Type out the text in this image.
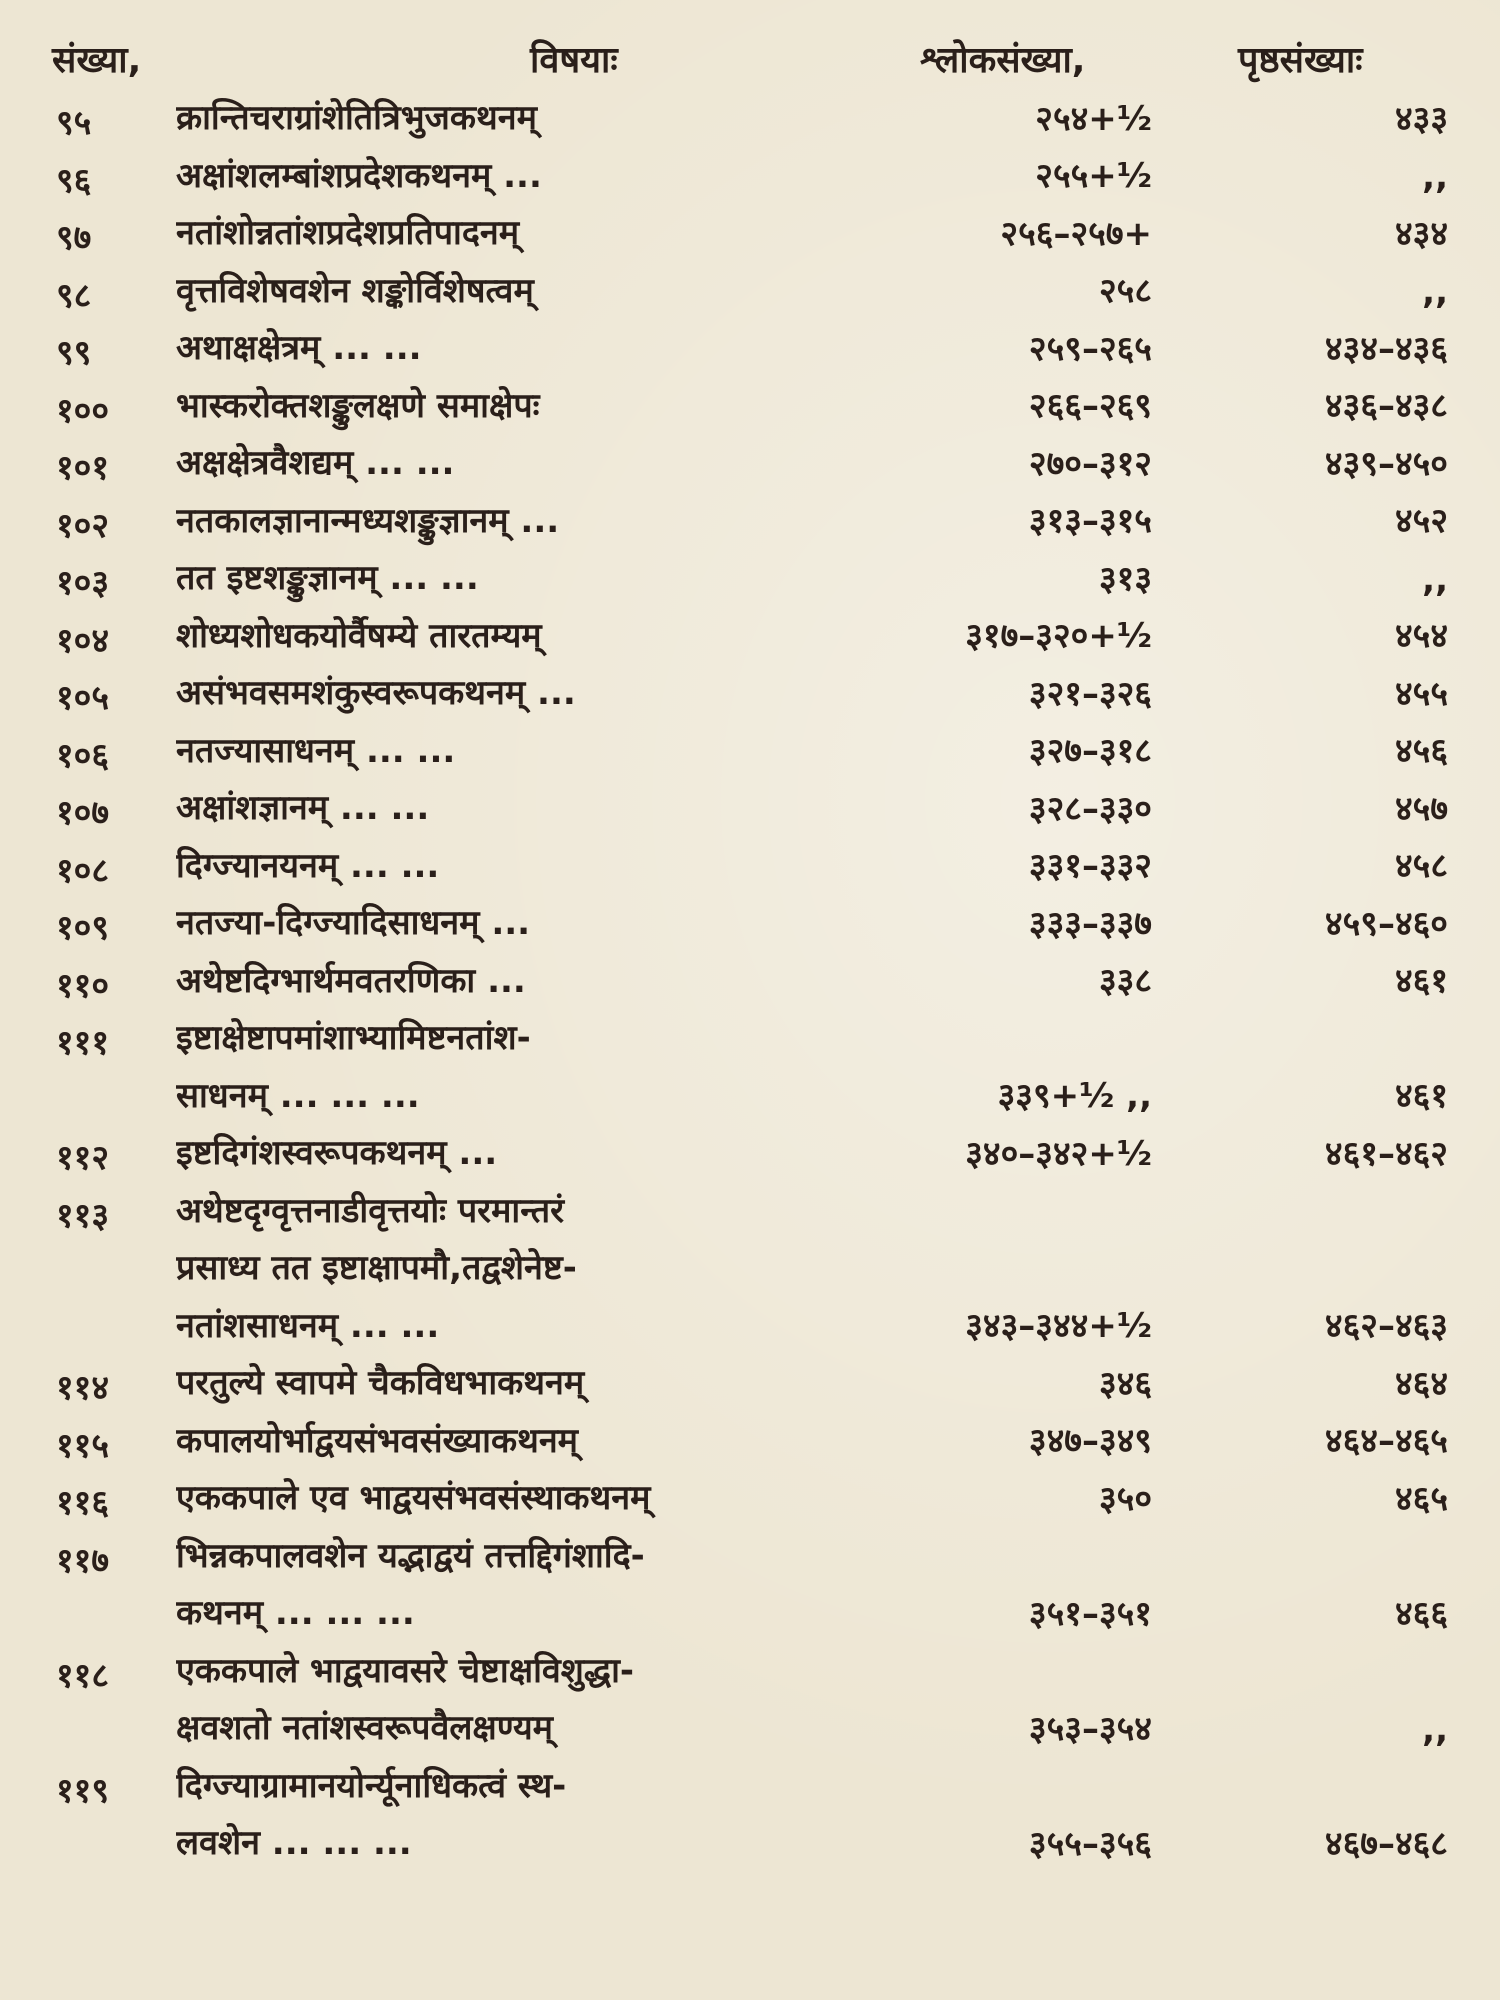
संख्या,	विषयाः	श्लोकसंख्या,	पृष्ठसंख्याः
९५	क्रान्तिचराग्रांशेतित्रिभुजकथनम्	२५४+½	४३३
९६	अक्षांशलम्बांशप्रदेशकथनम् ...	२५५+½	,,
९७	नतांशोन्नतांशप्रदेशप्रतिपादनम्	२५६–२५७+	४३४
९८	वृत्तविशेषवशेन शङ्कोर्विशेषत्वम्	२५८	,,
९९	अथाक्षक्षेत्रम् ... ...	२५९–२६५	४३४–४३६
१००	भास्करोक्तशङ्कुलक्षणे समाक्षेपः	२६६–२६९	४३६–४३८
१०१	अक्षक्षेत्रवैशद्यम् ... ...	२७०–३१२	४३९–४५०
१०२	नतकालज्ञानान्मध्यशङ्कुज्ञानम् ...	३१३–३१५	४५२
१०३	तत इष्टशङ्कुज्ञानम् ... ...	३१३	,,
१०४	शोध्यशोधकयोर्वैषम्ये तारतम्यम्	३१७–३२०+½	४५४
१०५	असंभवसमशंकुस्वरूपकथनम् ...	३२१–३२६	४५५
१०६	नतज्यासाधनम् ... ...	३२७–३१८	४५६
१०७	अक्षांशज्ञानम् ... ...	३२८–३३०	४५७
१०८	दिग्ज्यानयनम् ... ...	३३१–३३२	४५८
१०९	नतज्या-दिग्ज्यादिसाधनम् ...	३३३–३३७	४५९–४६०
११०	अथेष्टदिग्भार्थमवतरणिका ...	३३८	४६१
१११	इष्टाक्षेष्टापमांशाभ्यामिष्टनतांश-
साधनम् ... ... ...	३३९+½ ,,	४६१
११२	इष्टदिगंशस्वरूपकथनम् ...	३४०–३४२+½	४६१–४६२
११३	अथेष्टदृग्वृत्तनाडीवृत्तयोः परमान्तरं
प्रसाध्य तत इष्टाक्षापमौ,तद्वशेनेष्ट-
नतांशसाधनम् ... ...	३४३–३४४+½	४६२–४६३
११४	परतुल्ये स्वापमे चैकविधभाकथनम्	३४६	४६४
११५	कपालयोर्भाद्वयसंभवसंख्याकथनम्	३४७–३४९	४६४–४६५
११६	एककपाले एव भाद्वयसंभवसंस्थाकथनम्	३५०	४६५
११७	भिन्नकपालवशेन यद्भाद्वयं तत्तद्दिगंशादि-
कथनम् ... ... ...	३५१–३५१	४६६
११८	एककपाले भाद्वयावसरे चेष्टाक्षविशुद्धा-
क्षवशतो नतांशस्वरूपवैलक्षण्यम्	३५३–३५४	,,
११९	दिग्ज्याग्रामानयोर्न्यूनाधिकत्वं स्थ-
लवशेन ... ... ...	३५५–३५६	४६७–४६८
